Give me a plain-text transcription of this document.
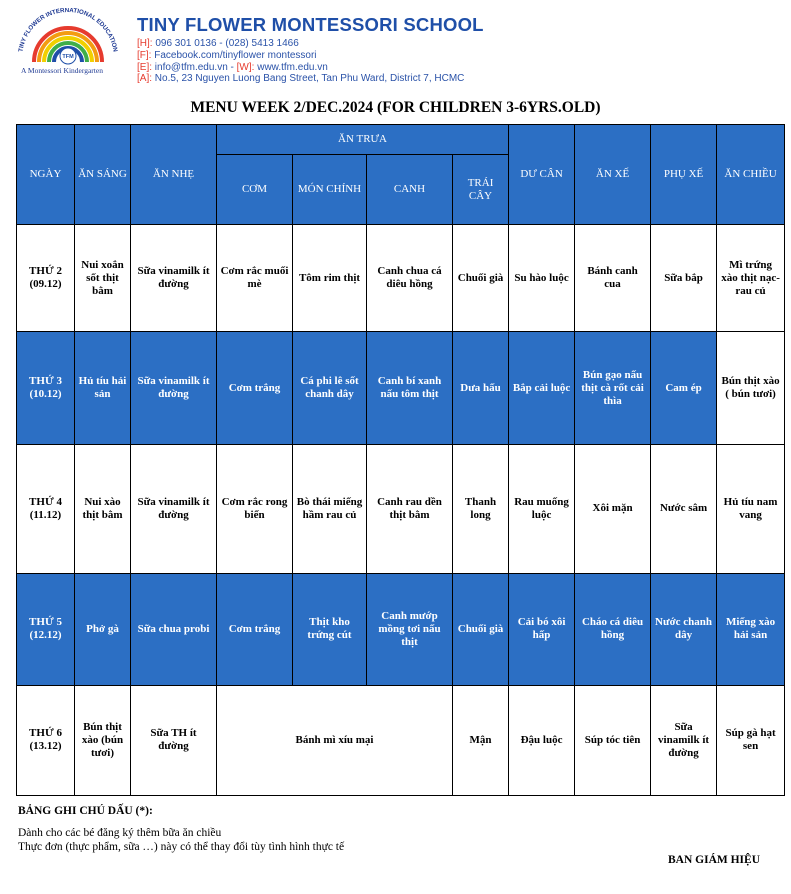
TINY FLOWER INTERNATIONAL EDUCATION
TFM
A Montessori Kindergarten
TINY FLOWER MONTESSORI SCHOOL
[H]: 096 301 0136 - (028) 5413 1466
[F]: Facebook.com/tinyflower montessori
[E]: info@tfm.edu.vn - [W]: www.tfm.edu.vn
[A]: No.5, 23 Nguyen Luong Bang Street, Tan Phu Ward, District 7, HCMC
MENU WEEK 2/DEC.2024 (FOR CHILDREN 3-6YRS.OLD)
NGÀY	ĂN SÁNG	ĂN NHẸ	ĂN TRƯA				DƯ CÂN	ĂN XẾ	PHỤ XẾ	ĂN CHIỀU
			CƠM	MÓN CHÍNH	CANH	TRÁI CÂY				

THỨ 2
(09.12)	Nui xoắn sốt thịt bằm	Sữa vinamilk ít đường	Cơm rắc muối mè	Tôm rim thịt	Canh chua cá diêu hồng	Chuối già	Su hào luộc	Bánh canh cua	Sữa bắp	Mì trứng xào thịt nạc-rau củ

THỨ 3
(10.12)	Hủ tíu hải sản	Sữa vinamilk ít đường	Cơm trắng	Cá phi lê sốt chanh dây	Canh bí xanh nấu tôm thịt	Dưa hấu	Bắp cải luộc	Bún gạo nấu thịt cà rốt cải thìa	Cam ép	Bún thịt xào ( bún tươi)

THỨ 4
(11.12)	Nui xào thịt bằm	Sữa vinamilk ít đường	Cơm rắc rong biển	Bò thái miếng hầm rau củ	Canh rau dền thịt bằm	Thanh long	Rau muống luộc	Xôi mặn	Nước sâm	Hủ tíu nam vang

THỨ 5
(12.12)	Phở gà	Sữa chua probi	Cơm trắng	Thịt kho trứng cút	Canh mướp mồng tơi nấu thịt	Chuối già	Cải bó xôi hấp	Cháo cá diêu hồng	Nước chanh dây	Miếng xào hải sản

THỨ 6
(13.12)	Bún thịt xào (bún tươi)	Sữa TH ít đường	Bánh mì xíu mại			Mận	Đậu luộc	Súp tóc tiên	Sữa vinamilk ít đường	Súp gà hạt sen
BẢNG GHI CHÚ DẤU (*):
Dành cho các bé đăng ký thêm bữa ăn chiều
Thực đơn (thực phẩm, sữa …) này có thể thay đổi tùy tình hình thực tế
BAN GIÁM HIỆU
